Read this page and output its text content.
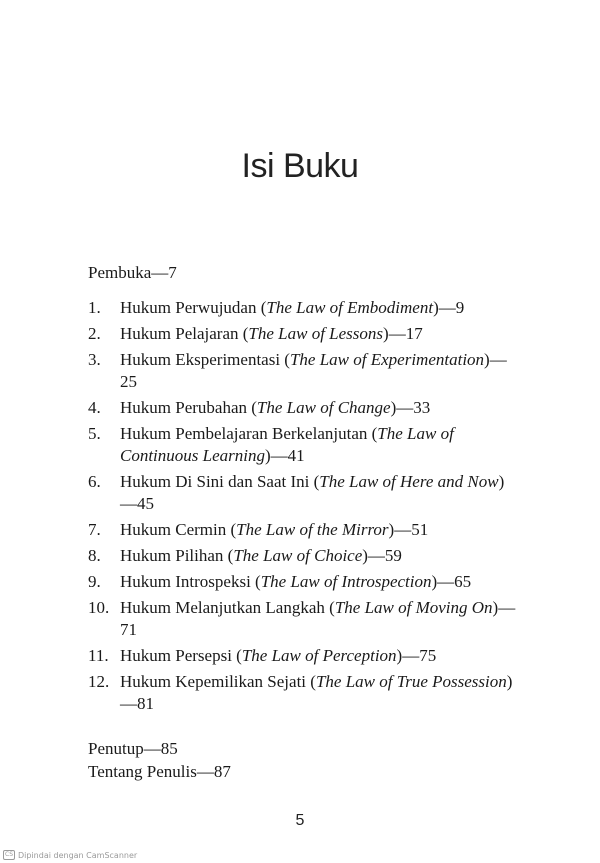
Isi Buku
Pembuka—7
1.	Hukum Perwujudan (The Law of Embodiment)—9
2.	Hukum Pelajaran (The Law of Lessons)—17
3.	Hukum Eksperimentasi (The Law of Experimentation)—25
4.	Hukum Perubahan (The Law of Change)—33
5.	Hukum Pembelajaran Berkelanjutan (The Law of Continuous Learning)—41
6.	Hukum Di Sini dan Saat Ini (The Law of Here and Now)—45
7.	Hukum Cermin (The Law of the Mirror)—51
8.	Hukum Pilihan (The Law of Choice)—59
9.	Hukum Introspeksi (The Law of Introspection)—65
10. Hukum Melanjutkan Langkah (The Law of Moving On)—71
11. Hukum Persepsi (The Law of Perception)—75
12. Hukum Kepemilikan Sejati (The Law of True Possession)—81
Penutup—85
Tentang Penulis—87
5
CS Dipindai dengan CamScanner
